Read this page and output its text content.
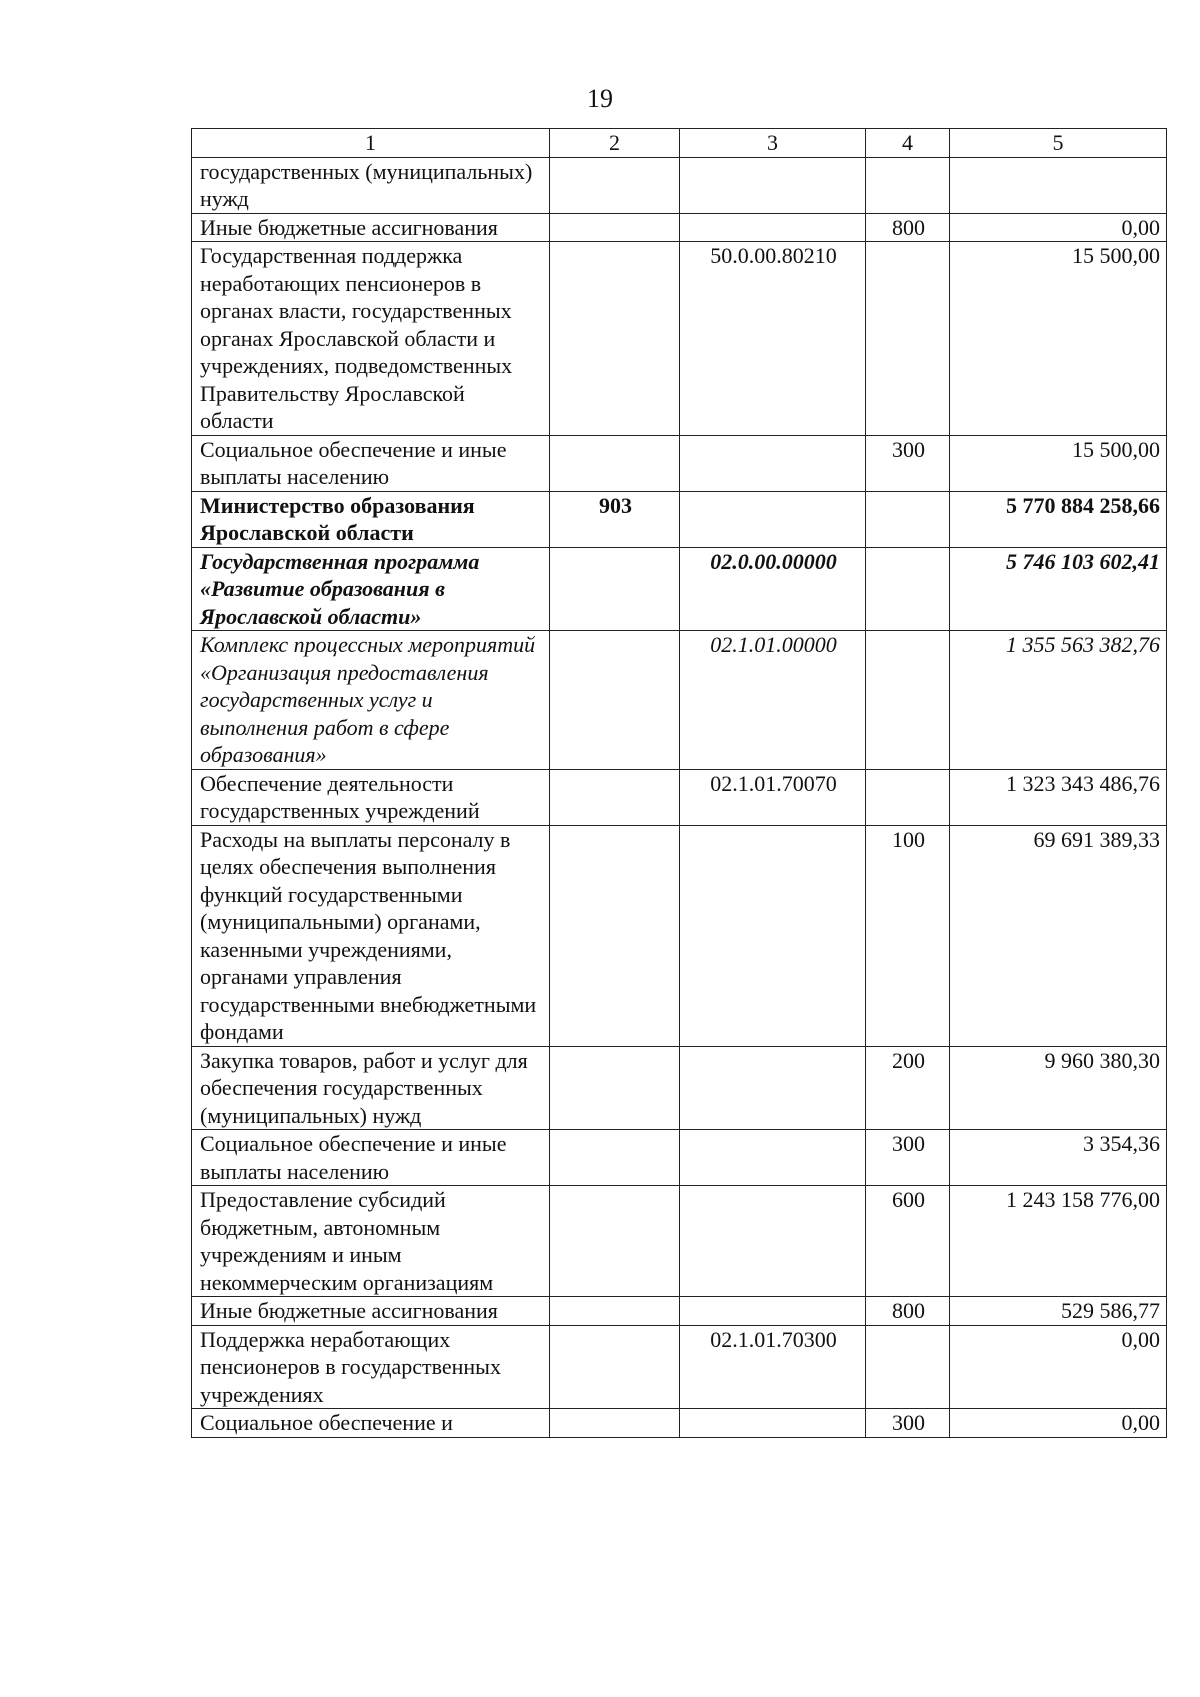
19
1	2	3	4	5
государственных (муниципальных) нужд				
Иные бюджетные ассигнования			800	0,00
Государственная поддержка неработающих пенсионеров в органах власти, государственных органах Ярославской области и учреждениях, подведомственных Правительству Ярославской области		50.0.00.80210		15 500,00
Социальное обеспечение и иные выплаты населению			300	15 500,00
Министерство образования Ярославской области	903			5 770 884 258,66
Государственная программа «Развитие образования в Ярославской области»		02.0.00.00000		5 746 103 602,41
Комплекс процессных мероприятий «Организация предоставления государственных услуг и выполнения работ в сфере образования»		02.1.01.00000		1 355 563 382,76
Обеспечение деятельности государственных учреждений		02.1.01.70070		1 323 343 486,76
Расходы на выплаты персоналу в целях обеспечения выполнения функций государственными (муниципальными) органами, казенными учреждениями, органами управления государственными внебюджетными фондами			100	69 691 389,33
Закупка товаров, работ и услуг для обеспечения государственных (муниципальных) нужд			200	9 960 380,30
Социальное обеспечение и иные выплаты населению			300	3 354,36
Предоставление субсидий бюджетным, автономным учреждениям и иным некоммерческим организациям			600	1 243 158 776,00
Иные бюджетные ассигнования			800	529 586,77
Поддержка неработающих пенсионеров в государственных учреждениях		02.1.01.70300		0,00
Социальное обеспечение и			300	0,00
